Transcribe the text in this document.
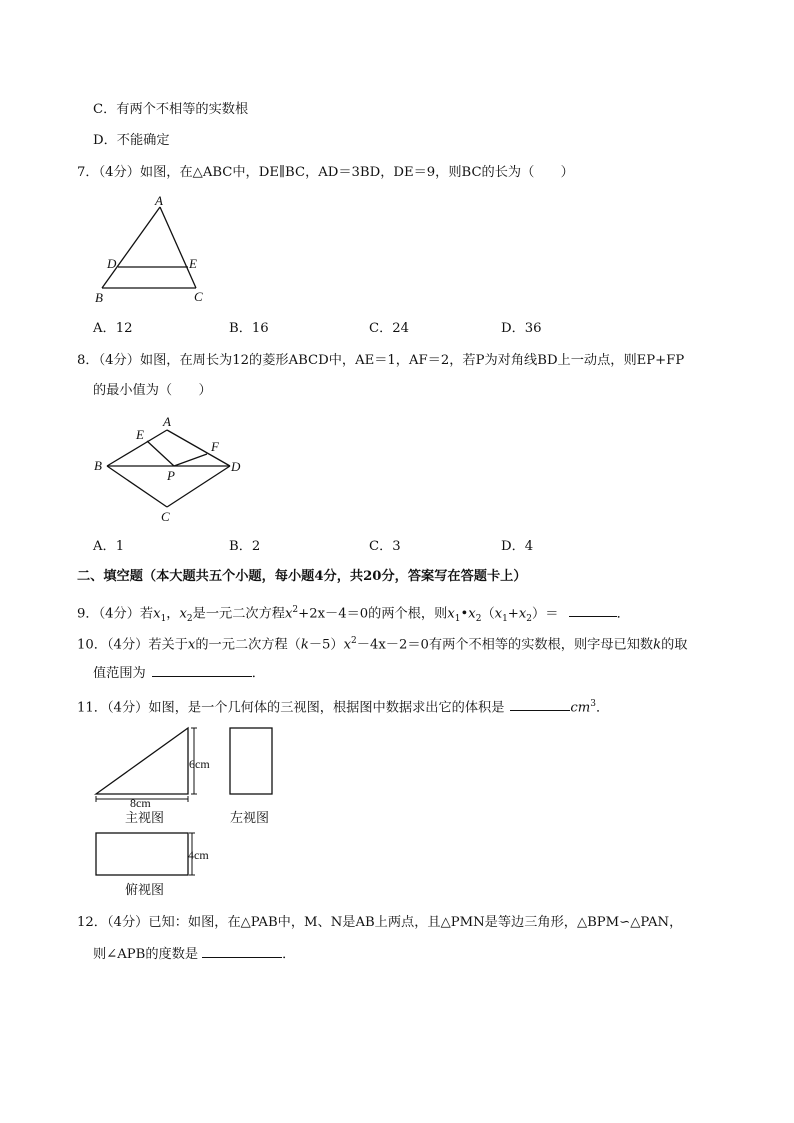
C．有两个不相等的实数根
D．不能确定
7．（4分）如图，在△ABC中，DE∥BC，AD＝3BD，DE＝9，则BC的长为（　　）
A
D	E
B	C
A．12	B．16	C．24	D．36
8．（4分）如图，在周长为12的菱形ABCD中，AE＝1，AF＝2，若P为对角线BD上一动点，则EP+FP
的最小值为（　　）
A
E
F
B	D
P
C
A．1	B．2	C．3	D．4
二、填空题（本大题共五个小题，每小题4分，共20分，答案写在答题卡上）
9．（4分）若$x_1$，$x_2$是一元二次方程$x^2+2x-4=0$的两个根，则$x_1•x_2(x_1+x_2)=$	．
10．（4分）若关于x的一元二次方程$(k-5)x^2-4x-2=0$有两个不相等的实数根，则字母已知数k的取
值范围为	．
11．（4分）如图，是一个几何体的三视图，根据图中数据求出它的体积是	$cm^3$．
6cm
8cm
4cm
主视图	左视图
俯视图
12．（4分）已知：如图，在△PAB中，M、N是AB上两点，且△PMN是等边三角形，△BPM∽△PAN，
则∠APB的度数是	．
